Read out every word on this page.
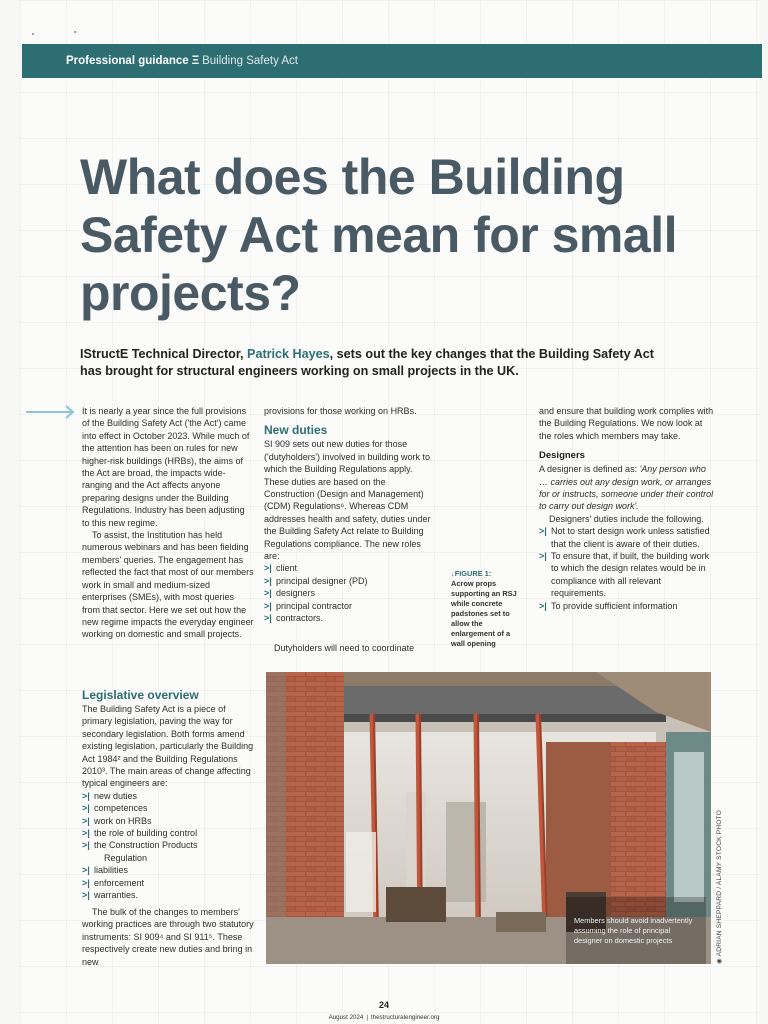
Professional guidance Ξ Building Safety Act
What does the Building Safety Act mean for small projects?

IStructE Technical Director, Patrick Hayes, sets out the key changes that the Building Safety Act has brought for structural engineers working on small projects in the UK.

It is nearly a year since the full provisions of the Building Safety Act ('the Act') came into effect in October 2023. While much of the attention has been on rules for new higher-risk buildings (HRBs), the aims of the Act are broad, the impacts wide-ranging and the Act affects anyone preparing designs under the Building Regulations. Industry has been adjusting to this new regime.

To assist, the Institution has held numerous webinars and has been fielding members' queries. The engagement has reflected the fact that most of our members work in small and medium-sized enterprises (SMEs), with most queries from that sector. Here we set out how the new regime impacts the everyday engineer working on domestic and small projects.

Legislative overview

The Building Safety Act is a piece of primary legislation, paving the way for secondary legislation. Both forms amend existing legislation, particularly the Building Act 1984² and the Building Regulations 2010³. The main areas of change affecting typical engineers are:

>| new duties
>| competences
>| work on HRBs
>| the role of building control
>| the Construction Products
Regulation
>| liabilities
>| enforcement
>| warranties.

The bulk of the changes to members' working practices are through two statutory instruments: SI 909⁴ and SI 911⁵. These respectively create new duties and bring in new

provisions for those working on HRBs.

New duties

SI 909 sets out new duties for those ('dutyholders') involved in building work to which the Building Regulations apply. These duties are based on the Construction (Design and Management) (CDM) Regulations⁶. Whereas CDM addresses health and safety, duties under the Building Safety Act relate to Building Regulations compliance. The new roles are:

>| client
>| principal designer (PD)
>| designers
>| principal contractor
>| contractors.

Dutyholders will need to coordinate

↓FIGURE 1:
Acrow props supporting an RSJ while concrete padstones set to allow the enlargement of a wall opening

and ensure that building work complies with the Building Regulations. We now look at the roles which members may take.

Designers

A designer is defined as: 'Any person who … carries out any design work, or arranges for or instructs, someone under their control to carry out design work'.

Designers' duties include the following.

>| Not to start design work unless satisfied that the client is aware of their duties.
>| To ensure that, if built, the building work to which the design relates would be in compliance with all relevant requirements.
>| To provide sufficient information
Members should avoid inadvertently assuming the role of principal designer on domestic projects
◉ ADRIAN SHEPPARD / ALAMY STOCK PHOTO
24
August 2024 | thestructuralengineer.org
